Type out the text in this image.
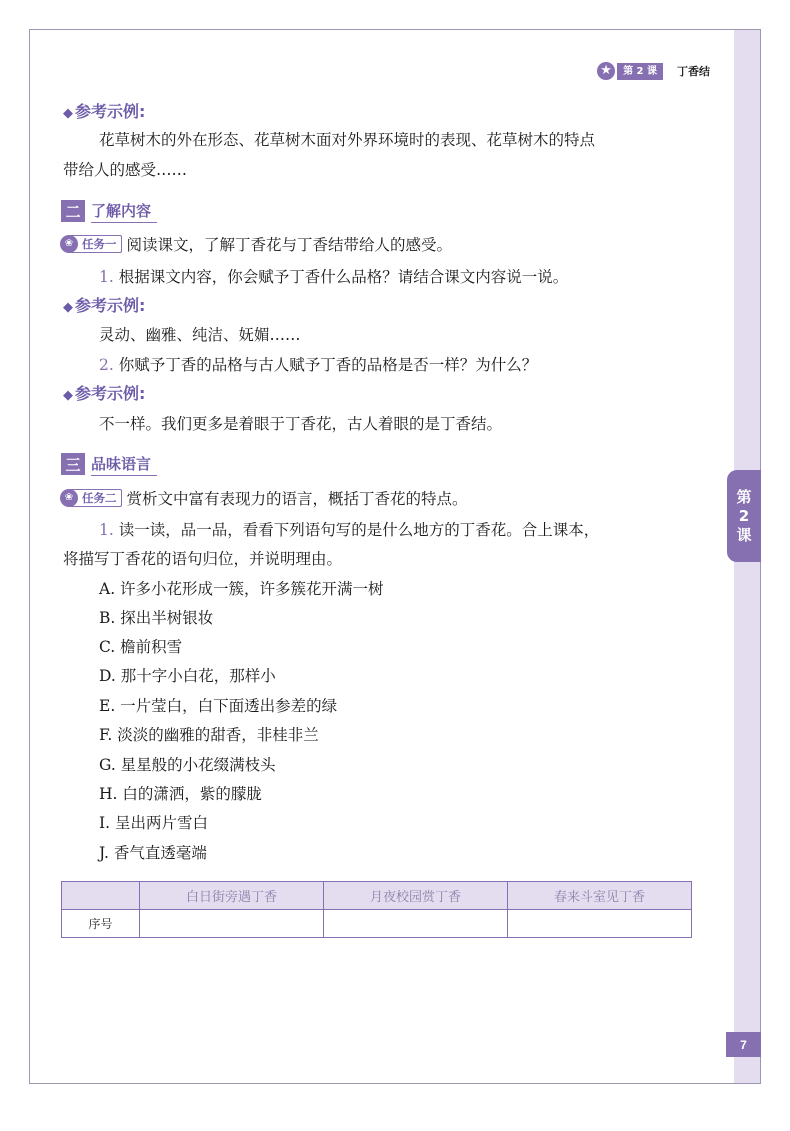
第
2
课
7
★	第 2 课	丁香结
◆ 参考示例:
花草树木的外在形态、花草树木面对外界环境时的表现、花草树木的特点
带给人的感受……
二 了解内容
❀ 任务一 阅读课文，了解丁香花与丁香结带给人的感受。
1. 根据课文内容，你会赋予丁香什么品格？请结合课文内容说一说。
◆ 参考示例:
灵动、幽雅、纯洁、妩媚……
2. 你赋予丁香的品格与古人赋予丁香的品格是否一样？为什么？
◆ 参考示例:
不一样。我们更多是着眼于丁香花，古人着眼的是丁香结。
三 品味语言
❀ 任务二 赏析文中富有表现力的语言，概括丁香花的特点。
1. 读一读，品一品，看看下列语句写的是什么地方的丁香花。合上课本，
将描写丁香花的语句归位，并说明理由。
A. 许多小花形成一簇，许多簇花开满一树
B. 探出半树银妆
C. 檐前积雪
D. 那十字小白花，那样小
E. 一片莹白，白下面透出参差的绿
F. 淡淡的幽雅的甜香，非桂非兰
G. 星星般的小花缀满枝头
H. 白的潇洒，紫的朦胧
I. 呈出两片雪白
J. 香气直透毫端
	白日街旁遇丁香	月夜校园赏丁香	春来斗室见丁香
序号			
